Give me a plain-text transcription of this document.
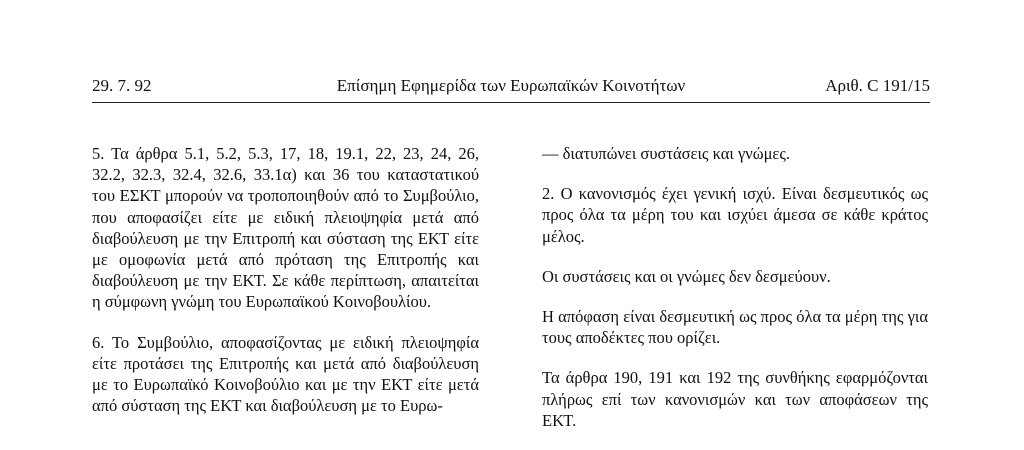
29. 7. 92	Επίσημη Εφημερίδα των Ευρωπαϊκών Κοινοτήτων	Αριθ. C 191/15

5. Τα άρθρα 5.1, 5.2, 5.3, 17, 18, 19.1, 22, 23, 24, 26, 32.2, 32.3, 32.4, 32.6, 33.1α) και 36 του καταστατικού του ΕΣΚΤ μπορούν να τροποποιηθούν από το Συμβούλιο, που αποφασίζει είτε με ειδική πλειοψηφία μετά από διαβούλευση με την Επιτροπή και σύσταση της ΕΚΤ είτε με ομοφωνία μετά από πρόταση της Επιτροπής και διαβούλευση με την ΕΚΤ. Σε κάθε περίπτωση, απαιτείται η σύμφωνη γνώμη του Ευρωπαϊκού Κοινοβουλίου.

6. Το Συμβούλιο, αποφασίζοντας με ειδική πλειοψηφία είτε προτάσει της Επιτροπής και μετά από διαβούλευση με το Ευρωπαϊκό Κοινοβούλιο και με την ΕΚΤ είτε μετά από σύσταση της ΕΚΤ και διαβούλευση με το Ευρω-

— διατυπώνει συστάσεις και γνώμες.

2. Ο κανονισμός έχει γενική ισχύ. Είναι δεσμευτικός ως προς όλα τα μέρη του και ισχύει άμεσα σε κάθε κράτος μέλος.

Οι συστάσεις και οι γνώμες δεν δεσμεύουν.

Η απόφαση είναι δεσμευτική ως προς όλα τα μέρη της για τους αποδέκτες που ορίζει.

Τα άρθρα 190, 191 και 192 της συνθήκης εφαρμόζονται πλήρως επί των κανονισμών και των αποφάσεων της ΕΚΤ.
